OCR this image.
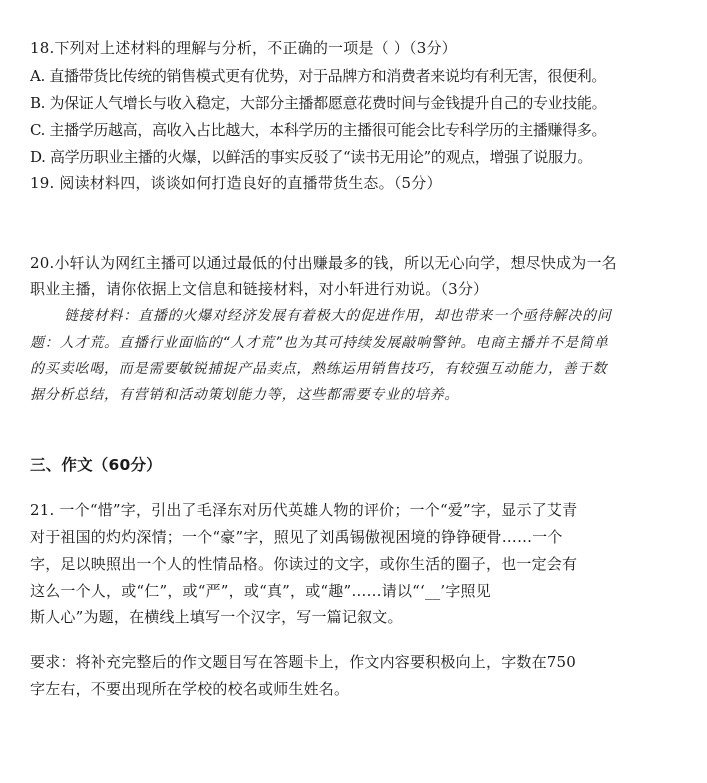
18.下列对上述材料的理解与分析，不正确的一项是（ ）（3分）
A. 直播带货比传统的销售模式更有优势，对于品牌方和消费者来说均有利无害，很便利。
B. 为保证人气增长与收入稳定，大部分主播都愿意花费时间与金钱提升自己的专业技能。
C. 主播学历越高，高收入占比越大，本科学历的主播很可能会比专科学历的主播赚得多。
D. 高学历职业主播的火爆，以鲜活的事实反驳了“读书无用论”的观点，增强了说服力。
19. 阅读材料四，谈谈如何打造良好的直播带货生态。（5分）
20.小轩认为网红主播可以通过最低的付出赚最多的钱，所以无心向学，想尽快成为一名
职业主播，请你依据上文信息和链接材料，对小轩进行劝说。（3分）
链接材料：直播的火爆对经济发展有着极大的促进作用，却也带来一个亟待解决的问
题：人才荒。直播行业面临的“人才荒”也为其可持续发展敲响警钟。电商主播并不是简单
的买卖吆喝，而是需要敏锐捕捉产品卖点，熟练运用销售技巧，有较强互动能力，善于数
据分析总结，有营销和活动策划能力等，这些都需要专业的培养。
三、作文（60分）
21. 一个“惜”字，引出了毛泽东对历代英雄人物的评价；一个“爱”字，显示了艾青
对于祖国的灼灼深情；一个“豪”字，照见了刘禹锡傲视困境的铮铮硬骨……一个
字，足以映照出一个人的性情品格。你读过的文字，或你生活的圈子，也一定会有
这么一个人，或“仁”，或“严”，或“真”，或“趣”……请以“‘__’字照见
斯人心”为题，在横线上填写一个汉字，写一篇记叙文。
要求：将补充完整后的作文题目写在答题卡上，作文内容要积极向上，字数在750
字左右，不要出现所在学校的校名或师生姓名。
